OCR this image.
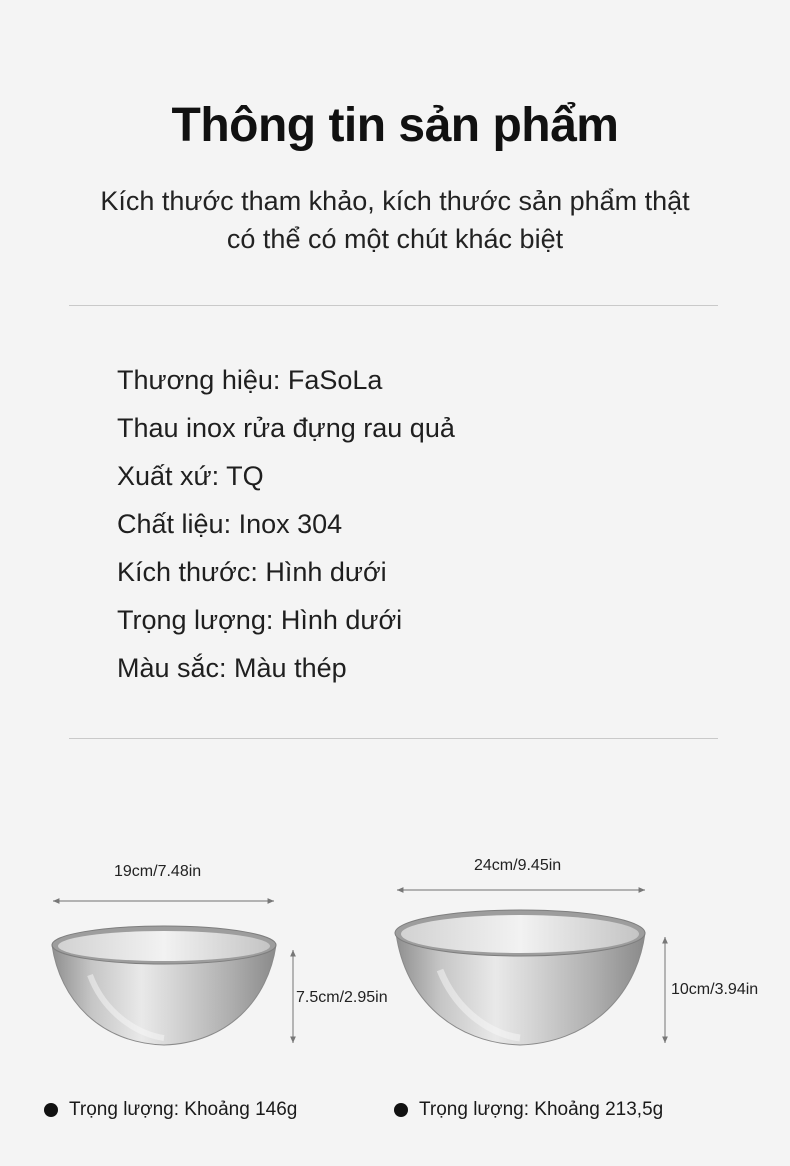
Thông tin sản phẩm
Kích thước tham khảo, kích thước sản phẩm thật
có thể có một chút khác biệt
Thương hiệu: FaSoLa
Thau inox rửa đựng rau quả
Xuất xứ: TQ
Chất liệu: Inox 304
Kích thước: Hình dưới
Trọng lượng: Hình dưới
Màu sắc: Màu thép
19cm/7.48in
7.5cm/2.95in
24cm/9.45in
10cm/3.94in
Trọng lượng: Khoảng 146g	Trọng lượng: Khoảng 213,5g
